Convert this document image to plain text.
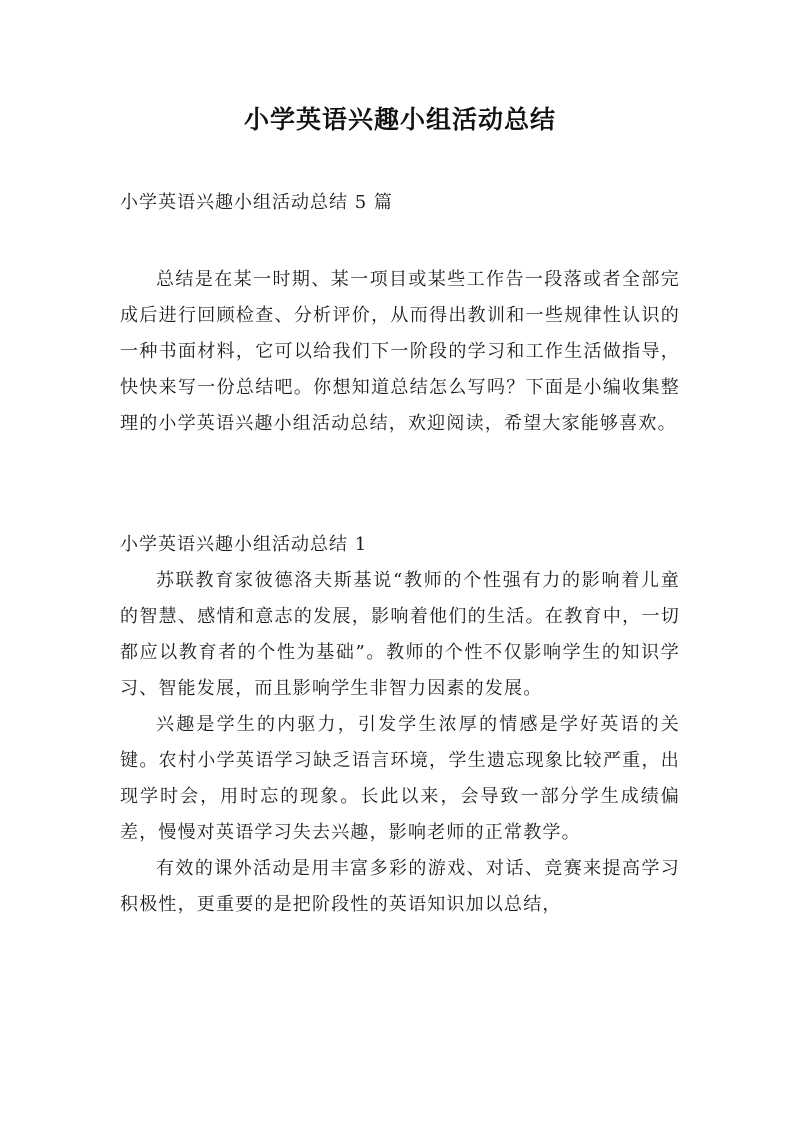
小学英语兴趣小组活动总结
小学英语兴趣小组活动总结 5 篇

总结是在某一时期、某一项目或某些工作告一段落或者全部完成后进行回顾检查、分析评价，从而得出教训和一些规律性认识的一种书面材料，它可以给我们下一阶段的学习和工作生活做指导，快快来写一份总结吧。你想知道总结怎么写吗？下面是小编收集整理的小学英语兴趣小组活动总结，欢迎阅读，希望大家能够喜欢。

小学英语兴趣小组活动总结 1

苏联教育家彼德洛夫斯基说“教师的个性强有力的影响着儿童的智慧、感情和意志的发展，影响着他们的生活。在教育中，一切都应以教育者的个性为基础”。教师的个性不仅影响学生的知识学习、智能发展，而且影响学生非智力因素的发展。

兴趣是学生的内驱力，引发学生浓厚的情感是学好英语的关键。农村小学英语学习缺乏语言环境，学生遗忘现象比较严重，出现学时会，用时忘的现象。长此以来，会导致一部分学生成绩偏差，慢慢对英语学习失去兴趣，影响老师的正常教学。

有效的课外活动是用丰富多彩的游戏、对话、竞赛来提高学习积极性，更重要的是把阶段性的英语知识加以总结，
